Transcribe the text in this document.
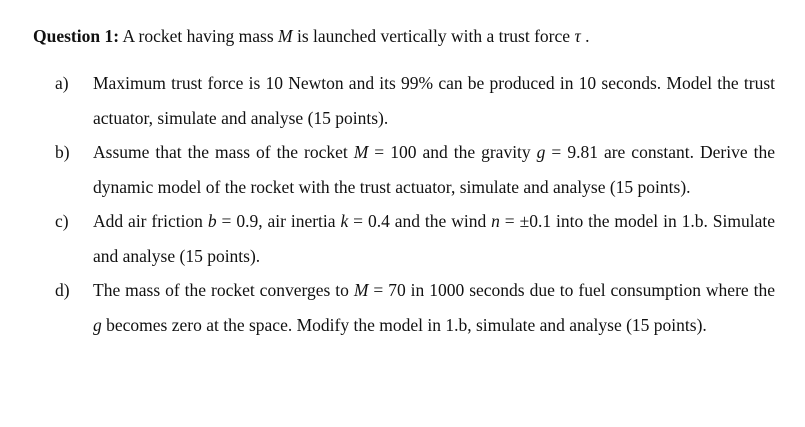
Question 1: A rocket having mass M is launched vertically with a trust force τ .
a) Maximum trust force is 10 Newton and its 99% can be produced in 10 seconds. Model the trust actuator, simulate and analyse (15 points).
b) Assume that the mass of the rocket M = 100 and the gravity g = 9.81 are constant. Derive the dynamic model of the rocket with the trust actuator, simulate and analyse (15 points).
c) Add air friction b = 0.9, air inertia k = 0.4 and the wind n = ±0.1 into the model in 1.b. Simulate and analyse (15 points).
d) The mass of the rocket converges to M = 70 in 1000 seconds due to fuel consumption where the g becomes zero at the space. Modify the model in 1.b, simulate and analyse (15 points).
